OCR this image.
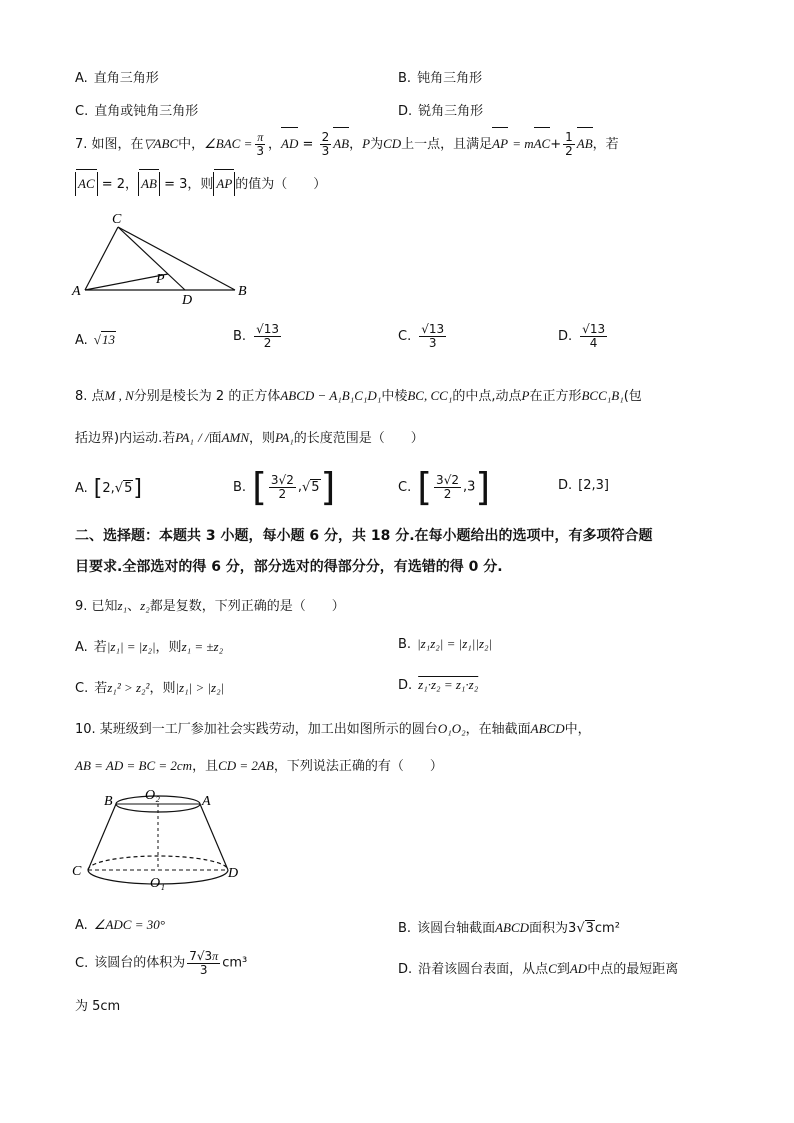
A. 直角三角形	B. 钝角三角形
C. 直角或钝角三角形	D. 锐角三角形
7. 如图，在▽ABC中，∠BAC = $\frac{\pi}{3}$ ，AD = $\frac{2}{3}$ AB，P为CD上一点，且满足AP = $mAC+ \frac{1}{2}$ AB，若
AC = 2， AB = 3，则 AP 的值为（　　）
C
A
P
D
B
A. √13	B. $\frac{√13}{2}$	C. $\frac{√13}{3}$	D. $\frac{√13}{4}$
8. 点M , N分别是棱长为 2 的正方体ABCD − A₁B₁C₁D₁中棱BC, CC₁的中点,动点P在正方形BCC₁B₁(包
括边界)内运动.若PA₁ / /面AMN，则PA₁的长度范围是（　　）
A. [2,√5]	B. [ $\frac{3√2}{2} ,√5$]	C. [ $\frac{3√2}{2} ,3$]	D. [2,3]
二、选择题：本题共 3 小题，每小题 6 分，共 18 分.在每小题给出的选项中，有多项符合题
目要求.全部选对的得 6 分，部分选对的得部分分，有选错的得 0 分.
9. 已知z₁、z₂都是复数，下列正确的是（　　）
A. 若|z₁| = |z₂|，则z₁ = ±z₂	B. |z₁z₂| = |z₁||z₂|
C. 若z₁² > z₂²，则|z₁| > |z₂|	D. z₁·z₂ = z₁·z₂
10. 某班级到一工厂参加社会实践劳动，加工出如图所示的圆台O₁O₂，在轴截面ABCD中，
AB = AD = BC = 2cm，且CD = 2AB，下列说法正确的有（　　）
B O₂	A
C
O₁
D
A. ∠ADC = 30°	B. 该圆台轴截面ABCD面积为3√3cm²
C. 该圆台的体积为 $\frac{7√3\pi}{3} cm^3$	D. 沿着该圆台表面，从点C到AD中点的最短距离
为 5cm
